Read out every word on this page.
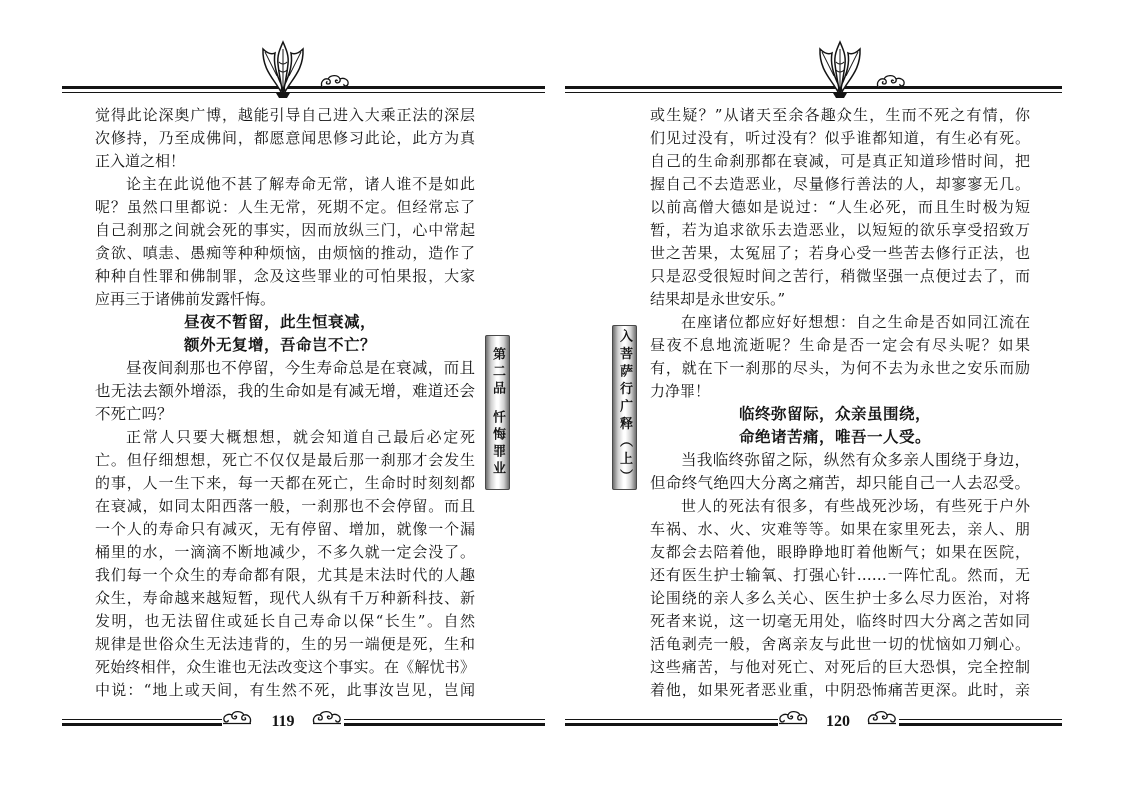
觉得此论深奥广博，越能引导自己进入大乘正法的深层
次修持，乃至成佛间，都愿意闻思修习此论，此方为真
正入道之相！
论主在此说他不甚了解寿命无常，诸人谁不是如此
呢？虽然口里都说：人生无常，死期不定。但经常忘了
自己刹那之间就会死的事实，因而放纵三门，心中常起
贪欲、嗔恚、愚痴等种种烦恼，由烦恼的推动，造作了
种种自性罪和佛制罪，念及这些罪业的可怕果报，大家
应再三于诸佛前发露忏悔。
昼夜不暂留，此生恒衰减，
额外无复增，吾命岂不亡？
昼夜间刹那也不停留，今生寿命总是在衰减，而且
也无法去额外增添，我的生命如是有减无增，难道还会
不死亡吗？
正常人只要大概想想，就会知道自己最后必定死
亡。但仔细想想，死亡不仅仅是最后那一刹那才会发生
的事，人一生下来，每一天都在死亡，生命时时刻刻都
在衰减，如同太阳西落一般，一刹那也不会停留。而且
一个人的寿命只有减灭，无有停留、增加，就像一个漏
桶里的水，一滴滴不断地减少，不多久就一定会没了。
我们每一个众生的寿命都有限，尤其是末法时代的人趣
众生，寿命越来越短暂，现代人纵有千万种新科技、新
发明，也无法留住或延长自己寿命以保“长生”。自然
规律是世俗众生无法违背的，生的另一端便是死，生和
死始终相伴，众生谁也无法改变这个事实。在《解忧书》
中说：“地上或天间，有生然不死，此事汝岂见，岂闻
第二品
忏悔罪业
119
入菩萨行广释（上）
或生疑？”从诸天至余各趣众生，生而不死之有情，你
们见过没有，听过没有？似乎谁都知道，有生必有死。
自己的生命刹那都在衰减，可是真正知道珍惜时间，把
握自己不去造恶业，尽量修行善法的人，却寥寥无几。
以前高僧大德如是说过：“人生必死，而且生时极为短
暂，若为追求欲乐去造恶业，以短短的欲乐享受招致万
世之苦果，太冤屈了；若身心受一些苦去修行正法，也
只是忍受很短时间之苦行，稍微坚强一点便过去了，而
结果却是永世安乐。”
在座诸位都应好好想想：自之生命是否如同江流在
昼夜不息地流逝呢？生命是否一定会有尽头呢？如果
有，就在下一刹那的尽头，为何不去为永世之安乐而励
力净罪！
临终弥留际，众亲虽围绕，
命绝诸苦痛，唯吾一人受。
当我临终弥留之际，纵然有众多亲人围绕于身边，
但命终气绝四大分离之痛苦，却只能自己一人去忍受。
世人的死法有很多，有些战死沙场，有些死于户外
车祸、水、火、灾难等等。如果在家里死去，亲人、朋
友都会去陪着他，眼睁睁地盯着他断气；如果在医院，
还有医生护士输氧、打强心针……一阵忙乱。然而，无
论围绕的亲人多么关心、医生护士多么尽力医治，对将
死者来说，这一切毫无用处，临终时四大分离之苦如同
活龟剥壳一般，舍离亲友与此世一切的忧恼如刀剜心。
这些痛苦，与他对死亡、对死后的巨大恐惧，完全控制
着他，如果死者恶业重，中阴恐怖痛苦更深。此时，亲
120
